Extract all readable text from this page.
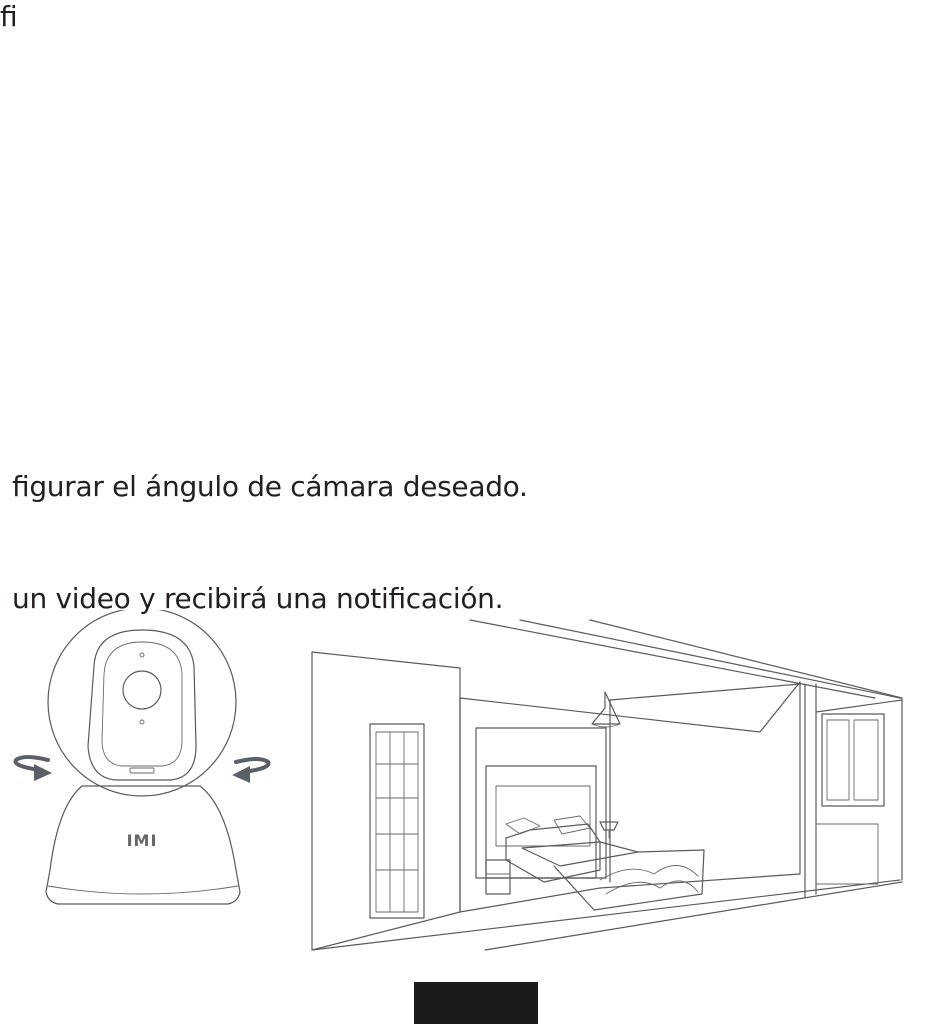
ﬁ
ﬁgurar el ángulo de cámara deseado.
un video y recibirá una notiﬁcación.
IMI
